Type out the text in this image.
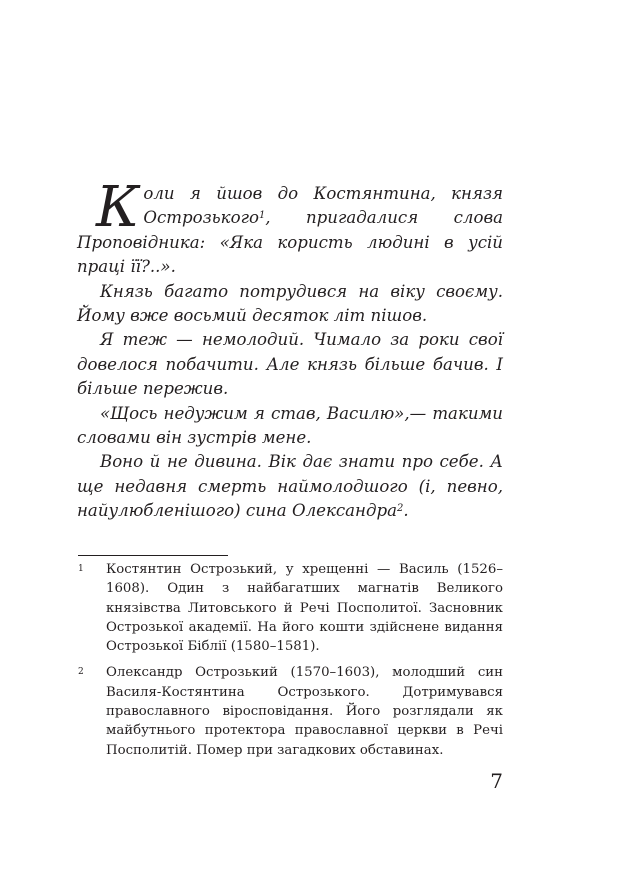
Коли я йшов до Костянтина, князя Острозького$^1$, пригадалися слова Проповідника: «Яка користь людині в усій праці її?..».

Князь багато потрудився на віку своєму. Йому вже восьмий десяток літ пішов.

Я теж — немолодий. Чимало за роки свої довелося побачити. Але князь більше бачив. І більше пережив.

«Щось недужим я став, Василю»,— такими словами він зустрів мене.

Воно й не дивина. Вік дає знати про себе. А ще недавня смерть наймолодшого (і, певно, найулюбленішого) сина Олександра$^2$.

1 Костянтин Острозький, у хрещенні — Василь (1526–1608). Один з найбагатших магнатів Великого князівства Литовського й Речі Посполитої. Засновник Острозької академії. На його кошти здійснене видання Острозької Біблії (1580–1581).
2 Олександр Острозький (1570–1603), молодший син Василя-Костянтина Острозького. Дотримувався православного віросповідання. Його розглядали як майбутнього протектора православної церкви в Речі Посполитій. Помер при загадкових обставинах.
7
